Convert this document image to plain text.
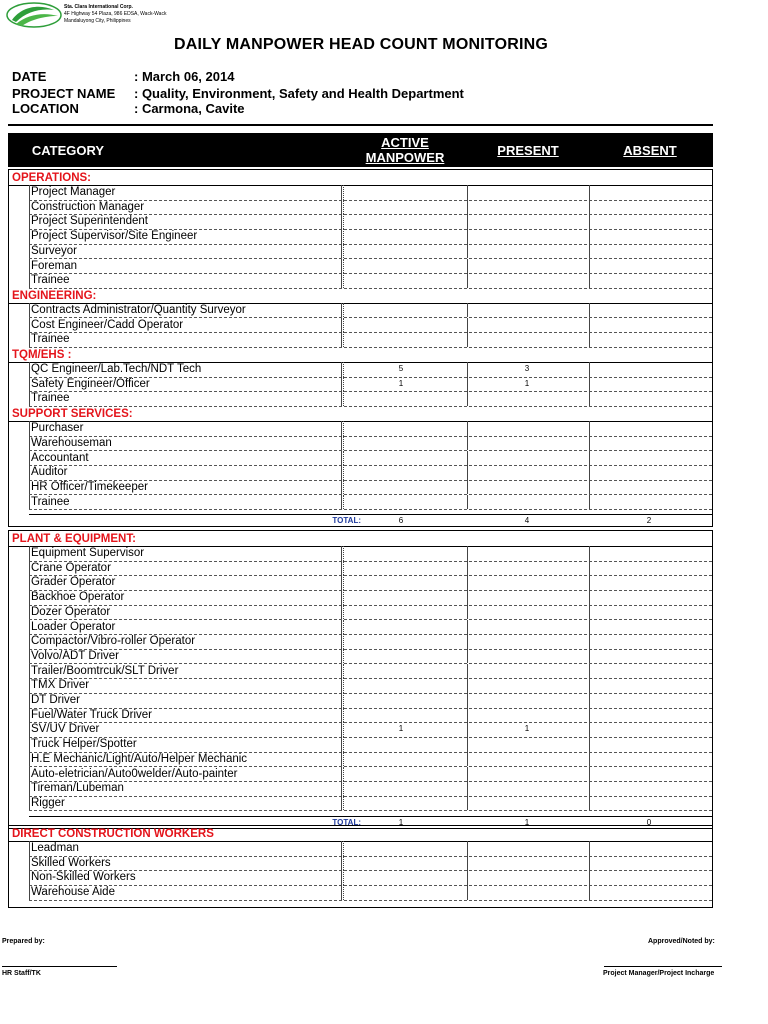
Sta. Clara International Corp.
4F Highway 54 Plaza, 986 EDSA, Wack-Wack
Mandaluyong City, Philippines
DAILY MANPOWER HEAD COUNT MONITORING
DATE	: March 06, 2014
PROJECT NAME : Quality, Environment, Safety and Health Department
LOCATION	: Carmona, Cavite
CATEGORY
ACTIVE
MANPOWER	PRESENT	ABSENT
OPERATIONS:
Project Manager
Construction Manager
Project Superintendent
Project Supervisor/Site Engineer
Surveyor
Foreman
Trainee
ENGINEERING:
Contracts Administrator/Quantity Surveyor
Cost Engineer/Cadd Operator
Trainee
TQM/EHS :
QC Engineer/Lab.Tech/NDT Tech	5	3
Safety Engineer/Officer	1	1
Trainee
SUPPORT SERVICES:
Purchaser
Warehouseman
Accountant
Auditor
HR Officer/Timekeeper
Trainee
TOTAL:	6	4	2
PLANT & EQUIPMENT:
Equipment Supervisor
Crane Operator
Grader Operator
Backhoe Operator
Dozer Operator
Loader Operator
Compactor/Vibro-roller Operator
Volvo/ADT Driver
Trailer/Boomtrcuk/SLT Driver
TMX Driver
DT Driver
Fuel/Water Truck Driver
SV/UV Driver	1	1
Truck Helper/Spotter
H.E Mechanic/Light/Auto/Helper Mechanic
Auto-eletrician/Auto0welder/Auto-painter
Tireman/Lubeman
Rigger
TOTAL:	1	1	0
DIRECT CONSTRUCTION WORKERS
Leadman
Skilled Workers
Non-Skilled Workers
Warehouse Aide
Prepared by:	Approved/Noted by:
HR Staff/TK	Project Manager/Project Incharge
